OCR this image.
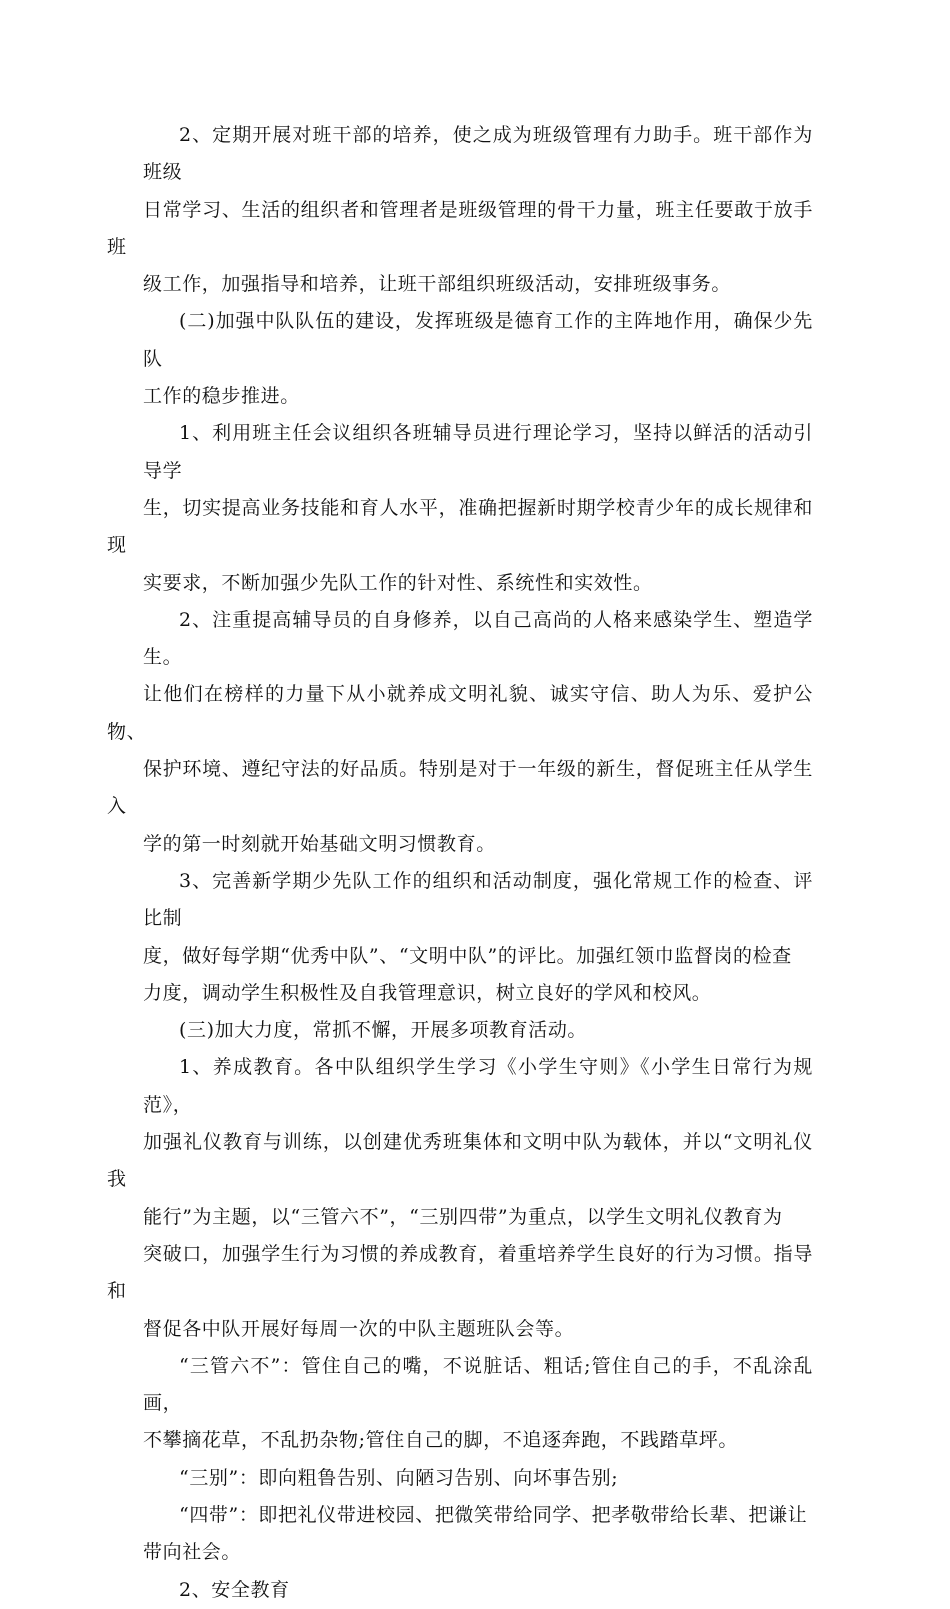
2、定期开展对班干部的培养，使之成为班级管理有力助手。班干部作为班级
日常学习、生活的组织者和管理者是班级管理的骨干力量，班主任要敢于放手班
级工作，加强指导和培养，让班干部组织班级活动，安排班级事务。

(二)加强中队队伍的建设，发挥班级是德育工作的主阵地作用，确保少先队
工作的稳步推进。

1、利用班主任会议组织各班辅导员进行理论学习，坚持以鲜活的活动引导学
生，切实提高业务技能和育人水平，准确把握新时期学校青少年的成长规律和现
实要求，不断加强少先队工作的针对性、系统性和实效性。

2、注重提高辅导员的自身修养，以自己高尚的人格来感染学生、塑造学生。
让他们在榜样的力量下从小就养成文明礼貌、诚实守信、助人为乐、爱护公物、
保护环境、遵纪守法的好品质。特别是对于一年级的新生，督促班主任从学生入
学的第一时刻就开始基础文明习惯教育。

3、完善新学期少先队工作的组织和活动制度，强化常规工作的检查、评比制
度，做好每学期“优秀中队”、“文明中队”的评比。加强红领巾监督岗的检查
力度，调动学生积极性及自我管理意识，树立良好的学风和校风。

(三)加大力度，常抓不懈，开展多项教育活动。

1、养成教育。各中队组织学生学习《小学生守则》《小学生日常行为规范》，
加强礼仪教育与训练，以创建优秀班集体和文明中队为载体，并以“文明礼仪我
能行”为主题，以“三管六不”，“三别四带”为重点，以学生文明礼仪教育为
突破口，加强学生行为习惯的养成教育，着重培养学生良好的行为习惯。指导和
督促各中队开展好每周一次的中队主题班队会等。

“三管六不”：管住自己的嘴，不说脏话、粗话;管住自己的手，不乱涂乱画，
不攀摘花草，不乱扔杂物;管住自己的脚，不追逐奔跑，不践踏草坪。

“三别”：即向粗鲁告别、向陋习告别、向坏事告别;

“四带”：即把礼仪带进校园、把微笑带给同学、把孝敬带给长辈、把谦让
带向社会。

2、安全教育
